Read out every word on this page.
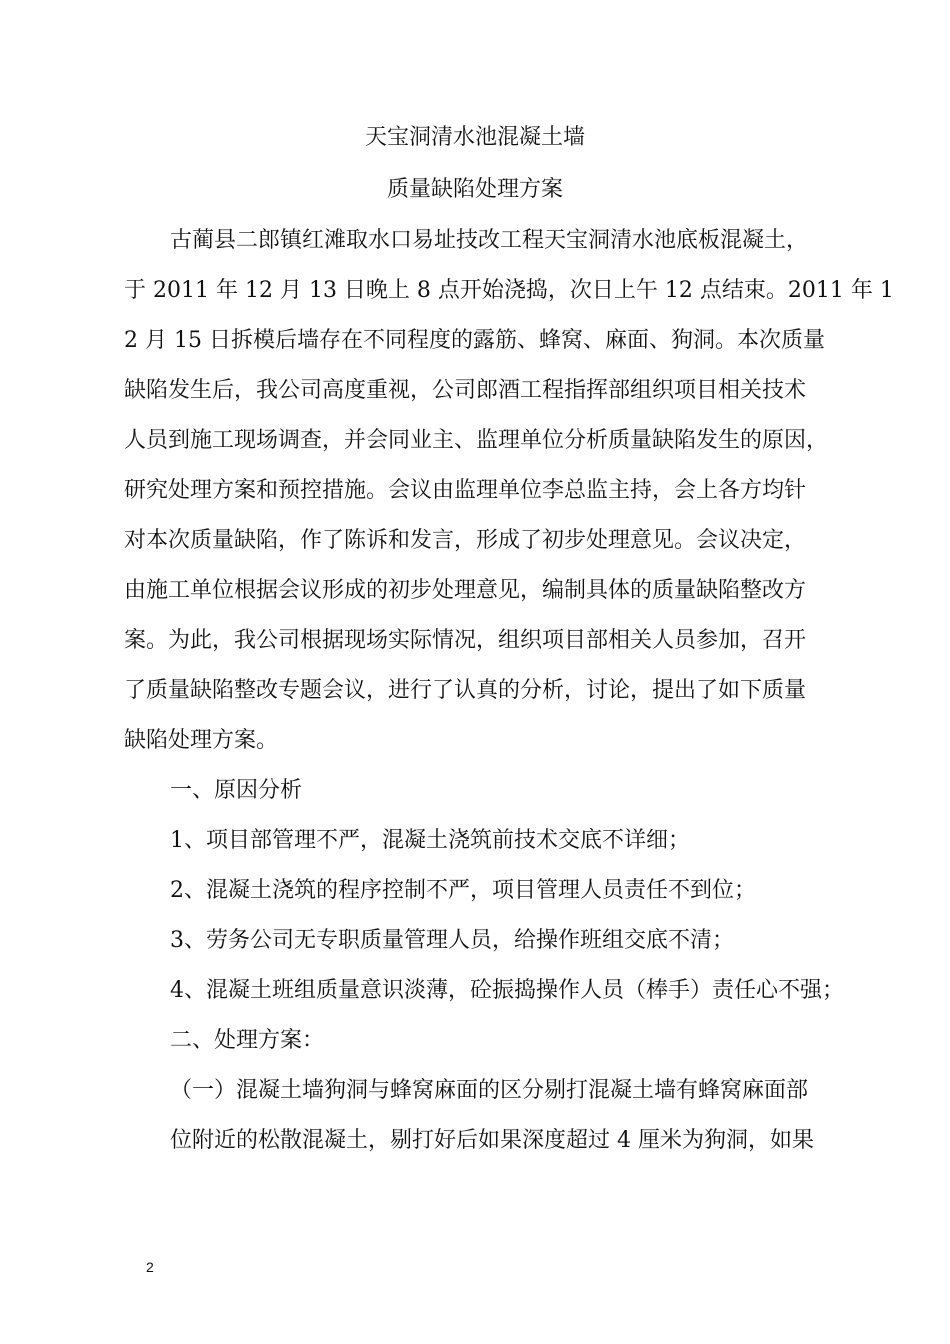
天宝洞清水池混凝土墙
质量缺陷处理方案
古蔺县二郎镇红滩取水口易址技改工程天宝洞清水池底板混凝土，
于 2011 年 12 月 13 日晚上 8 点开始浇捣，次日上午 12 点结束。2011 年 1
2 月 15 日拆模后墙存在不同程度的露筋、蜂窝、麻面、狗洞。本次质量
缺陷发生后，我公司高度重视，公司郎酒工程指挥部组织项目相关技术
人员到施工现场调查，并会同业主、监理单位分析质量缺陷发生的原因，
研究处理方案和预控措施。会议由监理单位李总监主持，会上各方均针
对本次质量缺陷，作了陈诉和发言，形成了初步处理意见。会议决定，
由施工单位根据会议形成的初步处理意见，编制具体的质量缺陷整改方
案。为此，我公司根据现场实际情况，组织项目部相关人员参加，召开
了质量缺陷整改专题会议，进行了认真的分析，讨论，提出了如下质量
缺陷处理方案。
一、原因分析
1、项目部管理不严，混凝土浇筑前技术交底不详细；
2、混凝土浇筑的程序控制不严，项目管理人员责任不到位；
3、劳务公司无专职质量管理人员，给操作班组交底不清；
4、混凝土班组质量意识淡薄，砼振捣操作人员（棒手）责任心不强；
二、处理方案：
（一）混凝土墙狗洞与蜂窝麻面的区分剔打混凝土墙有蜂窝麻面部
位附近的松散混凝土，剔打好后如果深度超过 4 厘米为狗洞，如果
2
